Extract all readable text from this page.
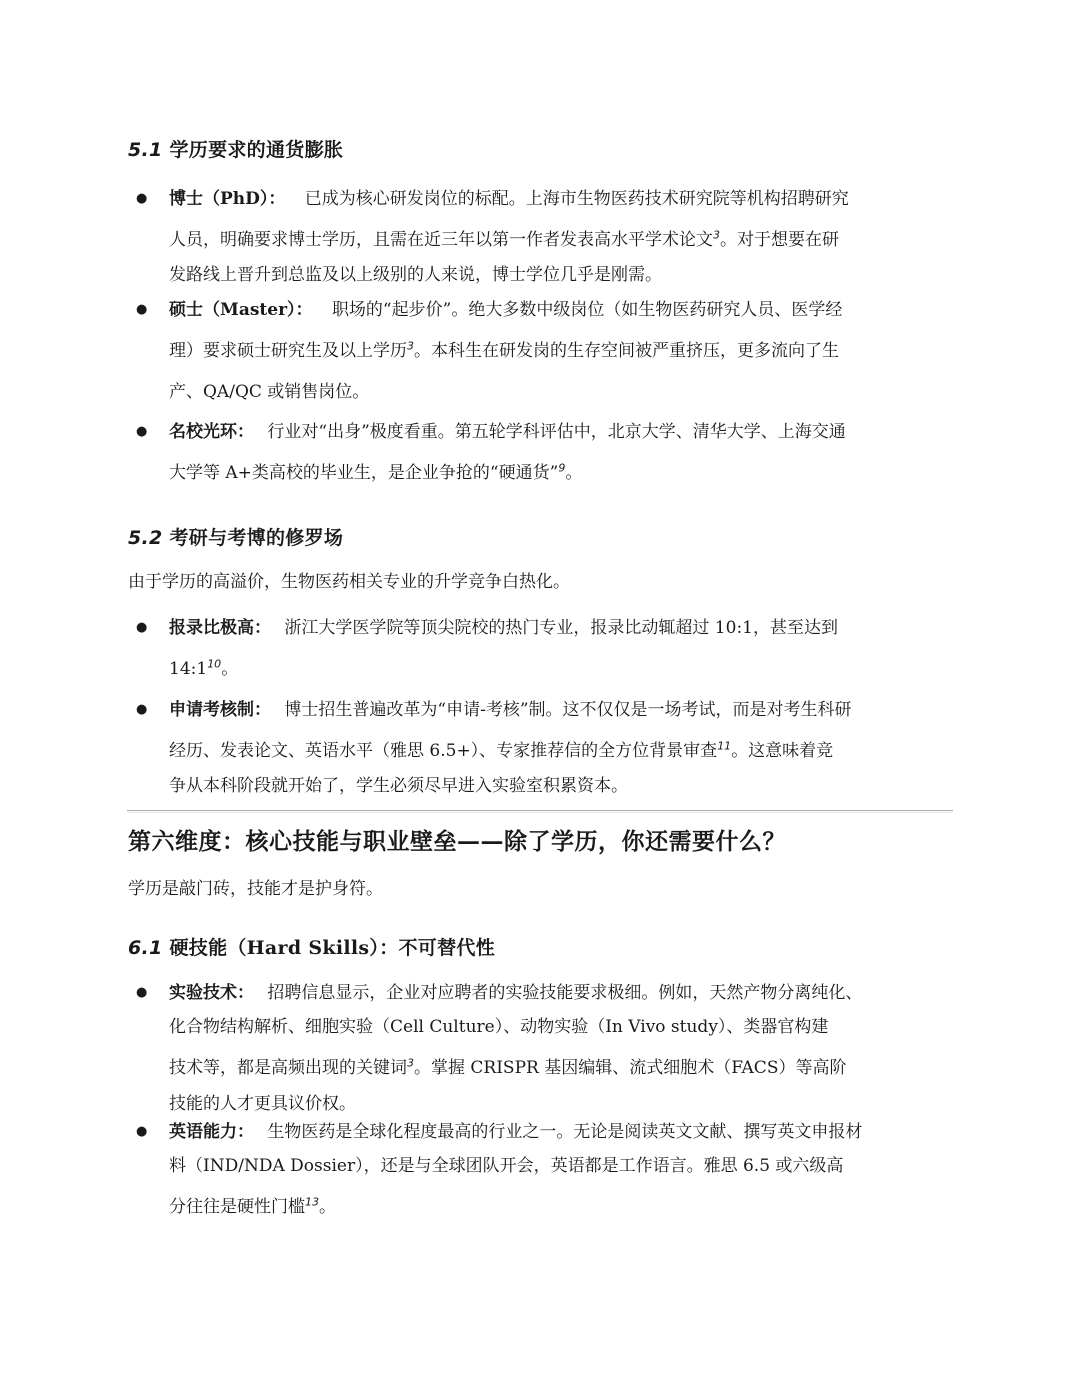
5.1 学历要求的通货膨胀
● 博士（PhD）： 已成为核心研发岗位的标配。上海市生物医药技术研究院等机构招聘研究
人员，明确要求博士学历，且需在近三年以第一作者发表高水平学术论文$^3$。对于想要在研
发路线上晋升到总监及以上级别的人来说，博士学位几乎是刚需。
● 硕士（Master）： 职场的“起步价”。绝大多数中级岗位（如生物医药研究人员、医学经
理）要求硕士研究生及以上学历$^3$。本科生在研发岗的生存空间被严重挤压，更多流向了生
产、QA/QC 或销售岗位。
● 名校光环： 行业对“出身”极度看重。第五轮学科评估中，北京大学、清华大学、上海交通
大学等 A+类高校的毕业生，是企业争抢的“硬通货”$^9$。
5.2 考研与考博的修罗场
由于学历的高溢价，生物医药相关专业的升学竞争白热化。
● 报录比极高： 浙江大学医学院等顶尖院校的热门专业，报录比动辄超过 10:1，甚至达到
$14:1^{10}$。
● 申请考核制： 博士招生普遍改革为“申请-考核”制。这不仅仅是一场考试，而是对考生科研
经历、发表论文、英语水平（雅思 6.5+）、专家推荐信的全方位背景审查$^{11}$。这意味着竞
争从本科阶段就开始了，学生必须尽早进入实验室积累资本。
第六维度：核心技能与职业壁垒——除了学历，你还需要什么？
学历是敲门砖，技能才是护身符。
6.1 硬技能（Hard Skills）：不可替代性
● 实验技术： 招聘信息显示，企业对应聘者的实验技能要求极细。例如，天然产物分离纯化、
化合物结构解析、细胞实验（Cell Culture）、动物实验（In Vivo study）、类器官构建
技术等，都是高频出现的关键词$^3$。掌握 CRISPR 基因编辑、流式细胞术（FACS）等高阶
技能的人才更具议价权。
● 英语能力： 生物医药是全球化程度最高的行业之一。无论是阅读英文文献、撰写英文申报材
料（IND/NDA Dossier），还是与全球团队开会，英语都是工作语言。雅思 6.5 或六级高
分往往是硬性门槛$^{13}$。
